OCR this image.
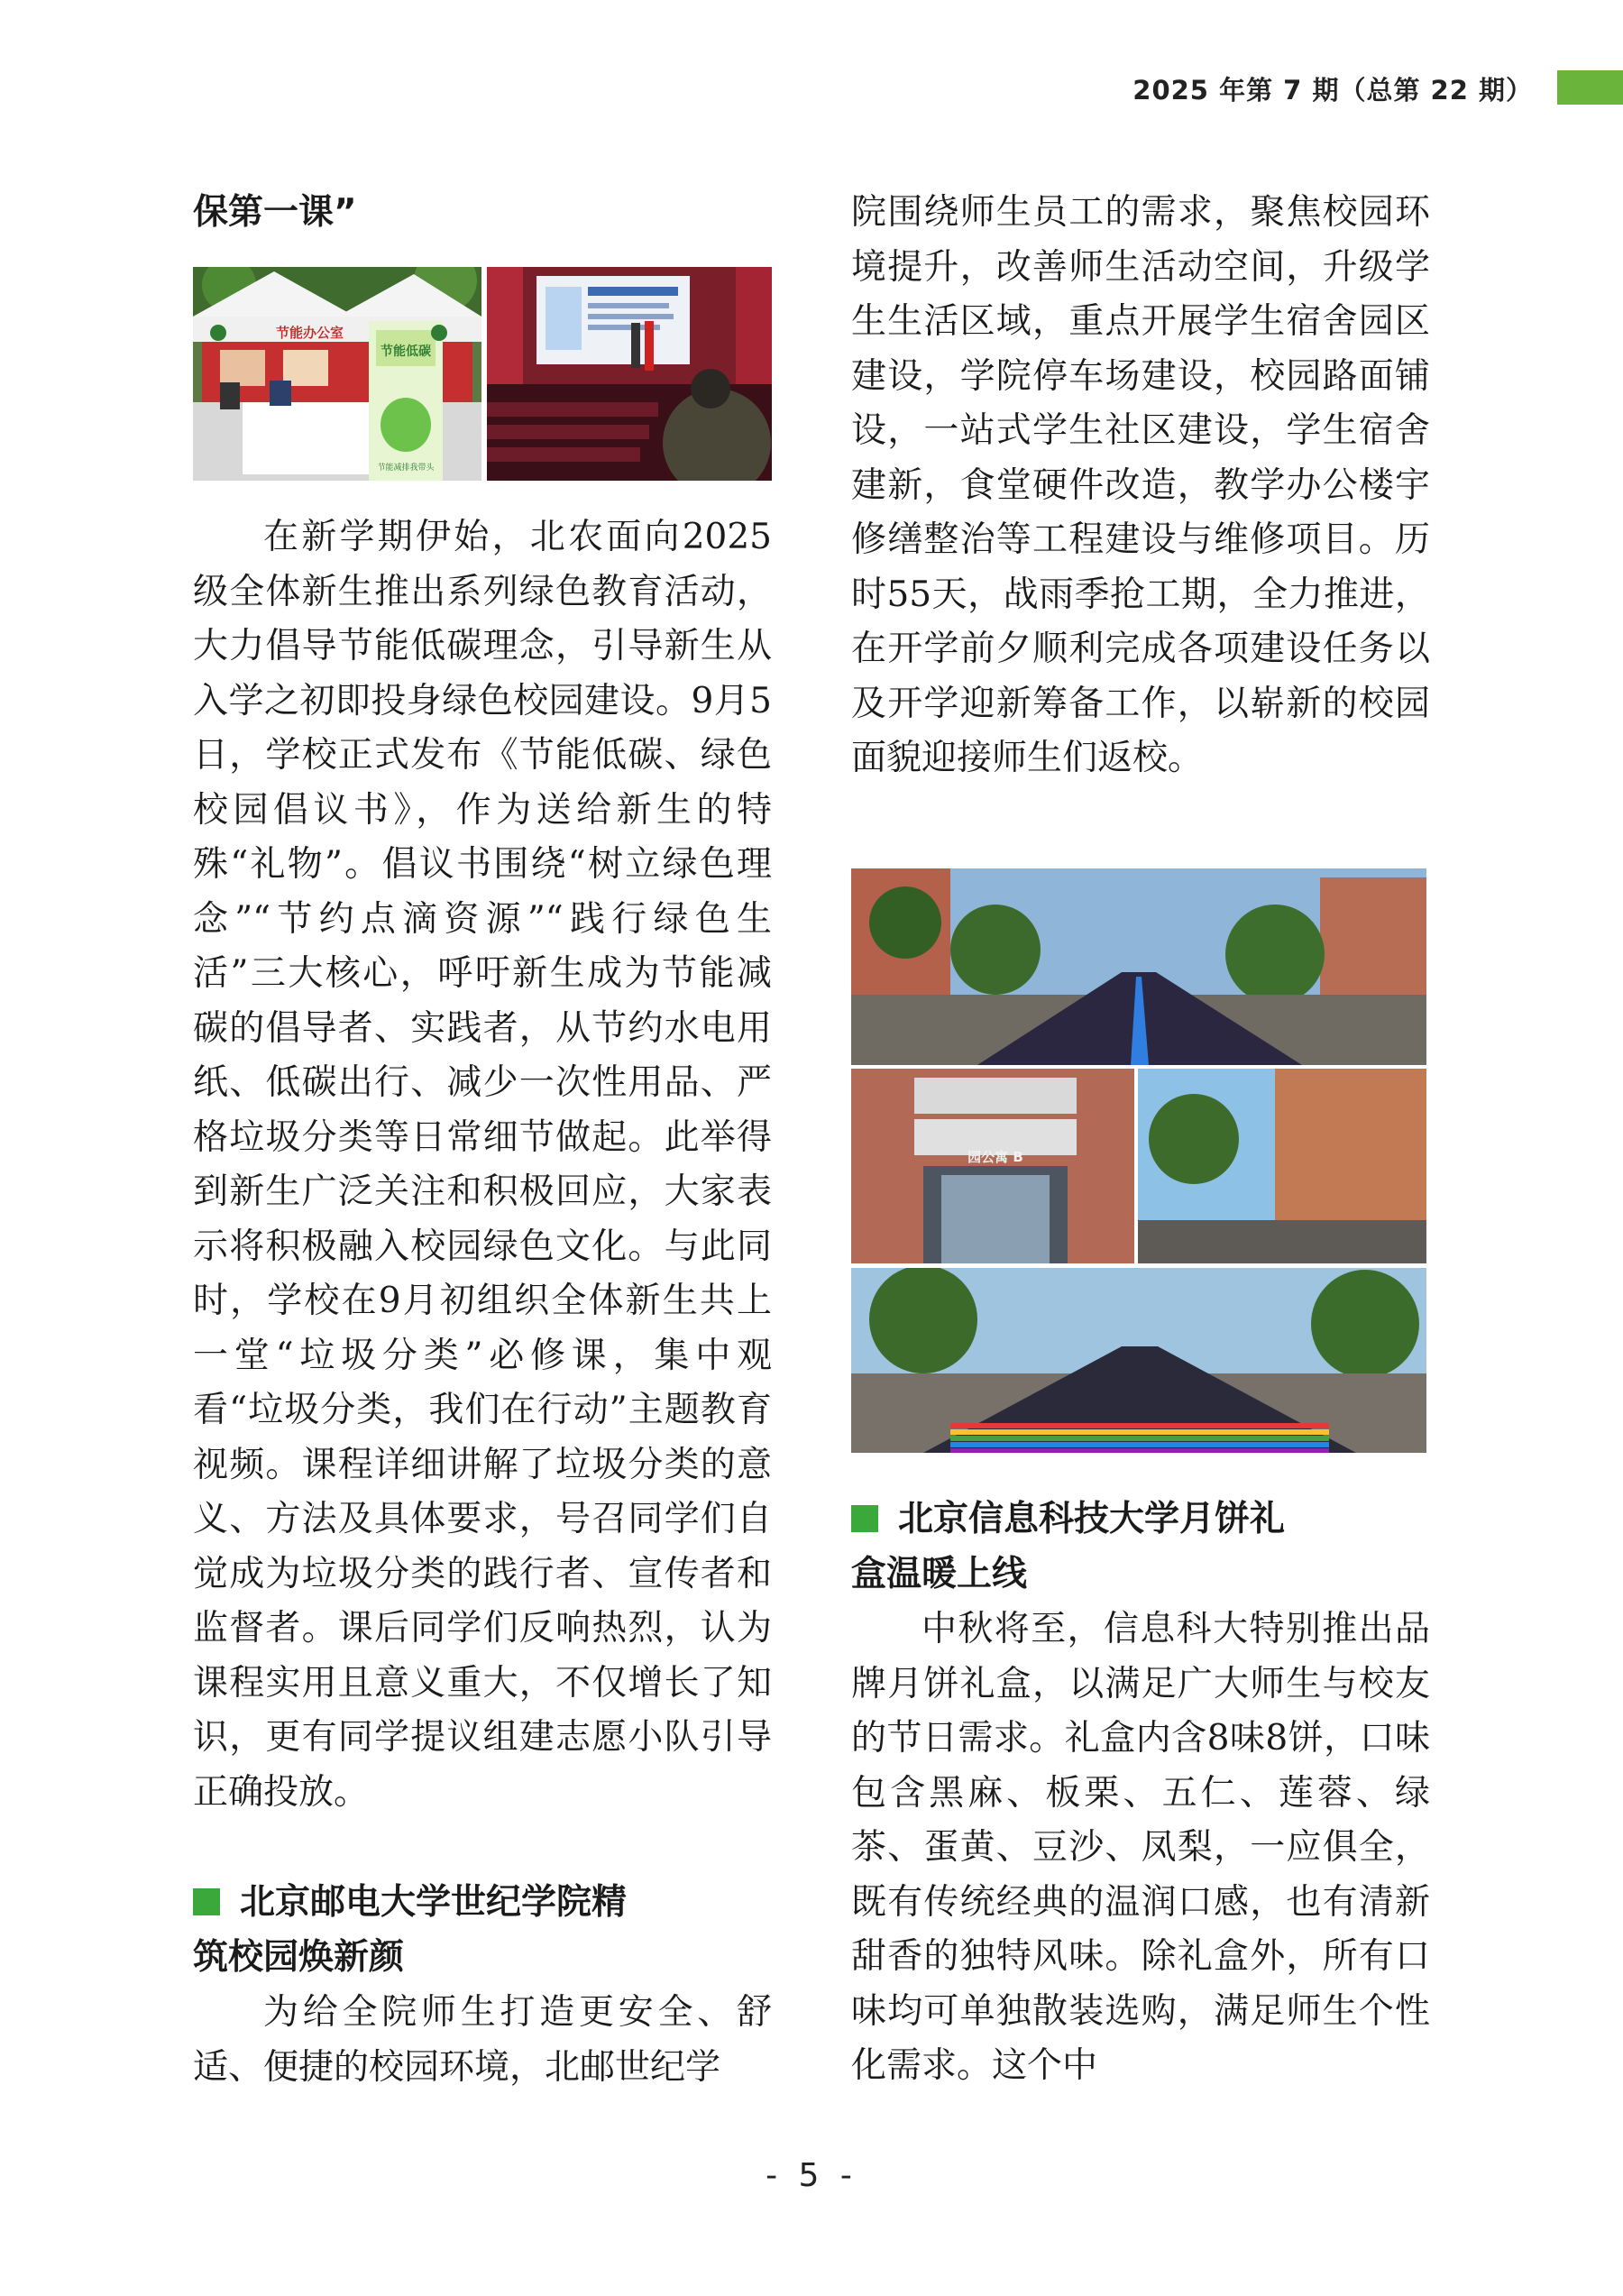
2025 年第 7 期（总第 22 期）

保第一课”

节能办公室
节能低碳
节能减排我带头

在新学期伊始，北农面向2025级全体新生推出系列绿色教育活动，大力倡导节能低碳理念，引导新生从入学之初即投身绿色校园建设。9月5日，学校正式发布《节能低碳、绿色校园倡议书》，作为送给新生的特殊“礼物”。倡议书围绕“树立绿色理念”“节约点滴资源”“践行绿色生活”三大核心，呼吁新生成为节能减碳的倡导者、实践者，从节约水电用纸、低碳出行、减少一次性用品、严格垃圾分类等日常细节做起。此举得到新生广泛关注和积极回应，大家表示将积极融入校园绿色文化。与此同时，学校在9月初组织全体新生共上一堂“垃圾分类”必修课，集中观看“垃圾分类，我们在行动”主题教育视频。课程详细讲解了垃圾分类的意义、方法及具体要求，号召同学们自觉成为垃圾分类的践行者、宣传者和监督者。课后同学们反响热烈，认为课程实用且意义重大，不仅增长了知识，更有同学提议组建志愿小队引导正确投放。

北京邮电大学世纪学院精

筑校园焕新颜

为给全院师生打造更安全、舒适、便捷的校园环境，北邮世纪学

院围绕师生员工的需求，聚焦校园环境提升，改善师生活动空间，升级学生生活区域，重点开展学生宿舍园区建设，学院停车场建设，校园路面铺设，一站式学生社区建设，学生宿舍建新，食堂硬件改造，教学办公楼宇修缮整治等工程建设与维修项目。历时55天，战雨季抢工期，全力推进，在开学前夕顺利完成各项建设任务以及开学迎新筹备工作，以崭新的校园面貌迎接师生们返校。

园公寓 B

北京信息科技大学月饼礼

盒温暖上线

中秋将至，信息科大特别推出品牌月饼礼盒，以满足广大师生与校友的节日需求。礼盒内含8味8饼，口味包含黑麻、板栗、五仁、莲蓉、绿茶、蛋黄、豆沙、凤梨，一应俱全，既有传统经典的温润口感，也有清新甜香的独特风味。除礼盒外，所有口味均可单独散装选购，满足师生个性化需求。这个中

- 5 -
